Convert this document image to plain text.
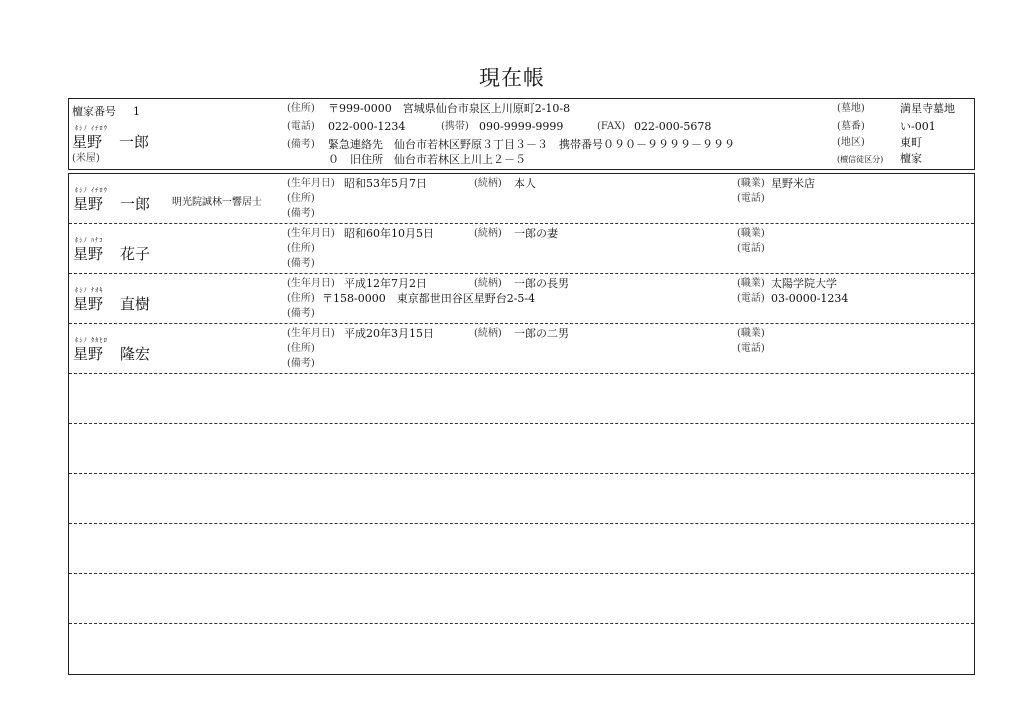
現在帳
檀家番号 1
ﾎｼﾉ ｲﾁﾛｳ
星野 一郎
(米屋)
(住所) 〒999-0000　宮城県仙台市泉区上川原町2-10-8
(電話) 022-000-1234	(携帯) 090-9999-9999	(FAX) 022-000-5678
(備考) 緊急連絡先　仙台市若林区野原３丁目３－３　携帯番号０９０－９９９９－９９９
０　旧住所　仙台市若林区上川上２－５
(墓地)	満星寺墓地
(墓番)	い-001
(地区)	東町
(檀信徒区分) 檀家
ﾎｼﾉ ｲﾁﾛｳ
星野 一郎 明光院誠林一響居士
(生年月日) 昭和53年5月7日	(続柄) 本人	(職業) 星野米店
(住所)	(電話)
(備考)
ﾎｼﾉ ﾊﾅｺ
星野 花子
(生年月日) 昭和60年10月5日	(続柄) 一郎の妻	(職業)
(住所)	(電話)
(備考)
ﾎｼﾉ ﾅｵｷ
星野 直樹
(生年月日) 平成12年7月2日	(続柄) 一郎の長男	(職業) 太陽学院大学
(住所) 〒158-0000　東京都世田谷区星野台2-5-4	(電話) 03-0000-1234
(備考)
ﾎｼﾉ ﾀｶﾋﾛ
星野 隆宏
(生年月日) 平成20年3月15日	(続柄) 一郎の二男	(職業)
(住所)	(電話)
(備考)
